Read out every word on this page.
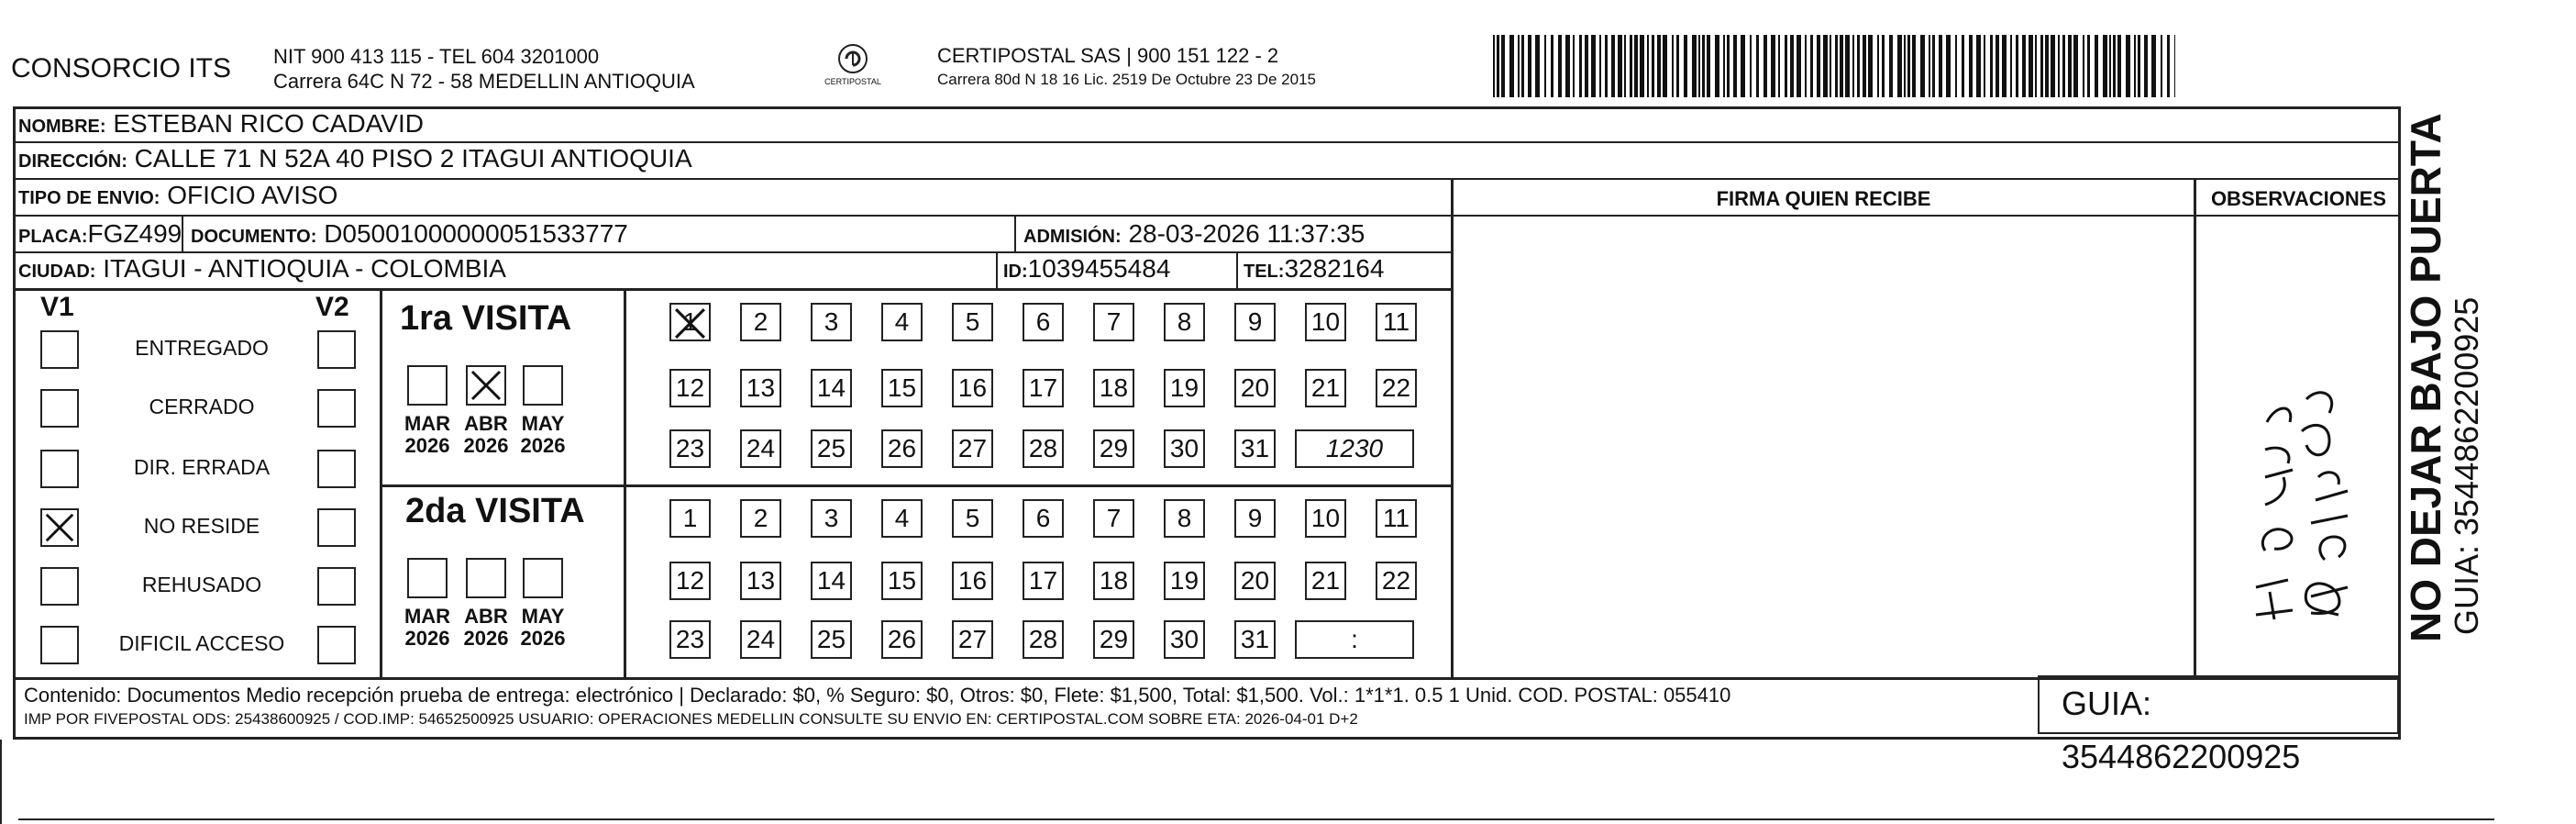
CONSORCIO ITS NIT 900 413 115 - TEL 604 3201000
Carrera 64C N 72 - 58 MEDELLIN ANTIOQUIA	CERTIPOSTAL
CERTIPOSTAL SAS | 900 151 122 - 2
Carrera 80d N 18 16 Lic. 2519 De Octubre 23 De 2015
NOMBRE: ESTEBAN RICO CADAVID
DIRECCIÓN: CALLE 71 N 52A 40 PISO 2 ITAGUI ANTIOQUIA
TIPO DE ENVIO: OFICIO AVISO	FIRMA QUIEN RECIBE	OBSERVACIONES
PLACA:FGZ499 DOCUMENTO: D05001000000051533777	ADMISIÓN: 28-03-2026 11:37:35
CIUDAD: ITAGUI - ANTIOQUIA - COLOMBIA	ID:1039455484	TEL:3282164
V1	V2
ENTREGADO
CERRADO
DIR. ERRADA
NO RESIDE
REHUSADO
DIFICIL ACCESO
1ra VISITA
MAR
2026
ABR
2026
MAY
2026
1	2	3	4	5	6	7	8	9	10 11
12 13 14 15 16 17 18 19 20 21 22
23 24 25 26 27 28 29 30 31	1230
2da VISITA
MAR
2026
ABR
2026
MAY
2026
1	2	3	4	5	6	7	8	9	10 11
12 13 14 15 16 17 18 19 20 21 22
23 24 25 26 27 28 29 30 31	:
Contenido: Documentos Medio recepción prueba de entrega: electrónico | Declarado: $0, % Seguro: $0, Otros: $0, Flete: $1,500, Total: $1,500. Vol.: 1*1*1. 0.5 1 Unid. COD. POSTAL: 055410
IMP POR FIVEPOSTAL ODS: 25438600925 / COD.IMP: 54652500925 USUARIO: OPERACIONES MEDELLIN CONSULTE SU ENVIO EN: CERTIPOSTAL.COM SOBRE ETA: 2026-04-01 D+2	GUIA: 3544862200925
NO DEJAR BAJO PUERTA
GUIA: 3544862200925
